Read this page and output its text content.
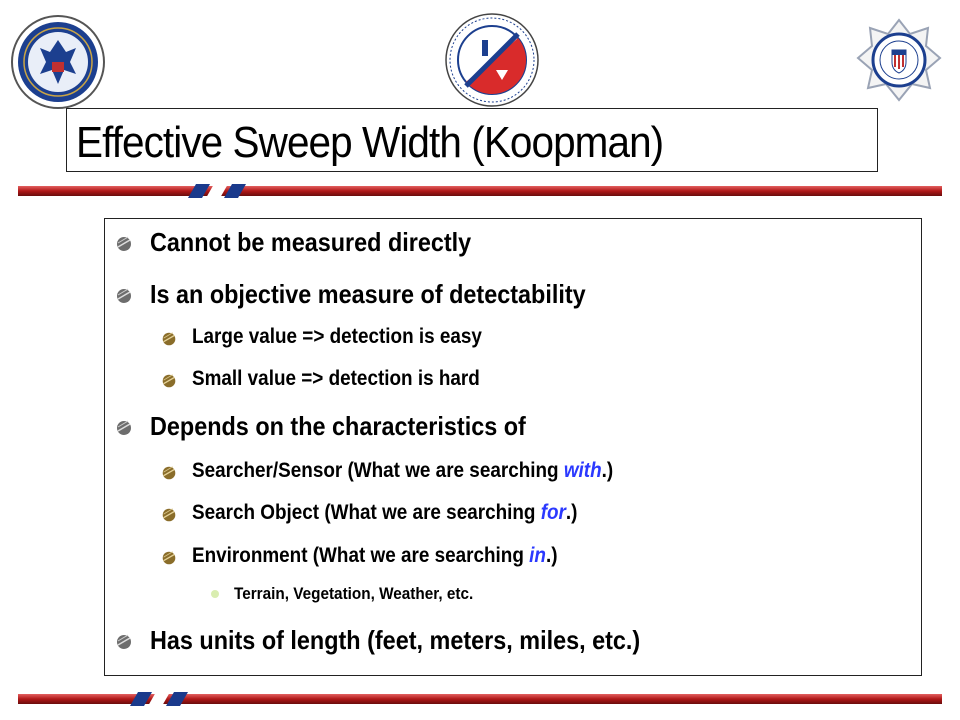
Effective Sweep Width (Koopman)
Cannot be measured directly
Is an objective measure of detectability
Large value => detection is easy
Small value => detection is hard
Depends on the characteristics of
Searcher/Sensor (What we are searching with.)
Search Object (What we are searching for.)
Environment (What we are searching in.)
Terrain, Vegetation, Weather, etc.
Has units of length (feet, meters, miles, etc.)
